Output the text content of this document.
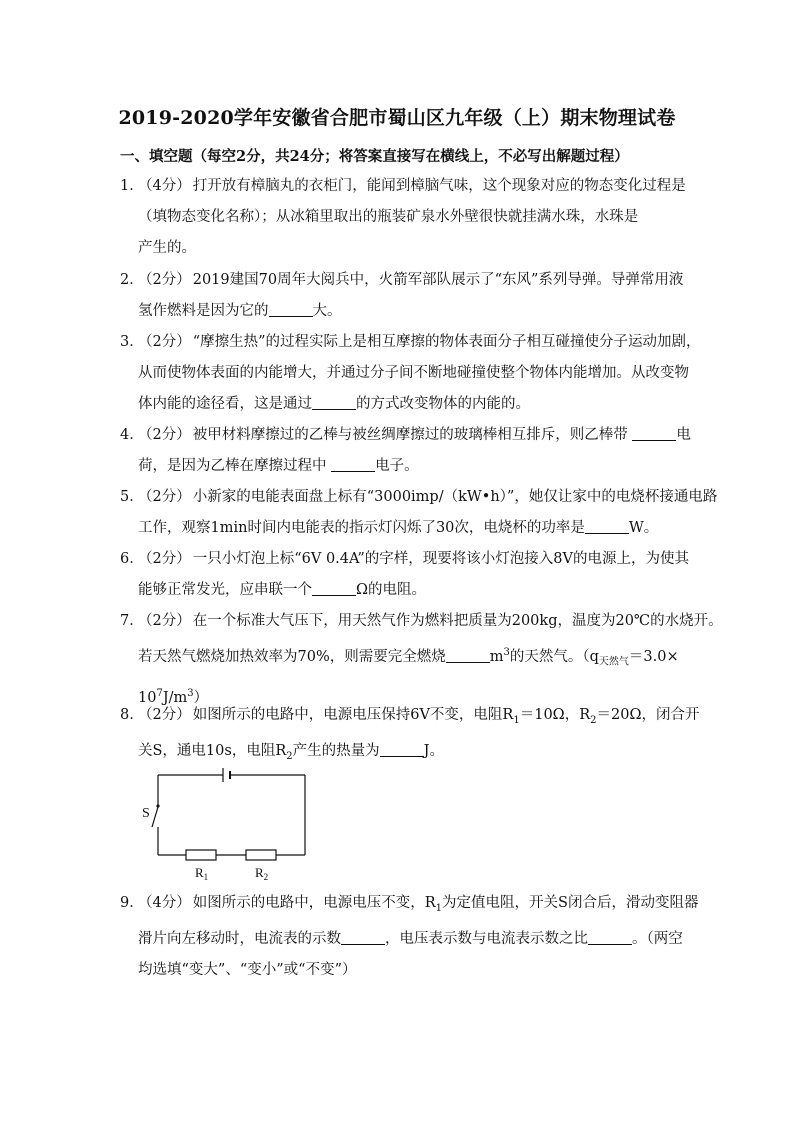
2019-2020学年安徽省合肥市蜀山区九年级（上）期末物理试卷
一、填空题（每空2分，共24分；将答案直接写在横线上，不必写出解题过程）
1．（4分） 打开放有樟脑丸的衣柜门，能闻到樟脑气味，这个现象对应的物态变化过程是
（填物态变化名称）；从冰箱里取出的瓶装矿泉水外壁很快就挂满水珠，水珠是
产生的。
2．（2分） 2019建国70周年大阅兵中，火箭军部队展示了“东风”系列导弹。导弹常用液
氢作燃料是因为它的	大。
3．（2分） “摩擦生热”的过程实际上是相互摩擦的物体表面分子相互碰撞使分子运动加剧，
从而使物体表面的内能增大，并通过分子间不断地碰撞使整个物体内能增加。从改变物
体内能的途径看，这是通过	的方式改变物体的内能的。
4．（2分） 被甲材料摩擦过的乙棒与被丝绸摩擦过的玻璃棒相互排斥，则乙棒带	电
荷，是因为乙棒在摩擦过程中	电子。
5．（2分） 小新家的电能表面盘上标有“3000imp/（kW•h）”，她仅让家中的电烧杯接通电路
工作，观察1min时间内电能表的指示灯闪烁了30次，电烧杯的功率是	W。
6．（2分） 一只小灯泡上标“6V 0.4A”的字样，现要将该小灯泡接入8V的电源上，为使其
能够正常发光，应串联一个	Ω的电阻。
7．（2分） 在一个标准大气压下，用天然气作为燃料把质量为200kg，温度为20℃的水烧开。
若天然气燃烧加热效率为70%，则需要完全燃烧	$m^3$的天然气。（$q_{天然气}=3.0\times$
$10^7J/m^3$）
8．（2分） 如图所示的电路中，电源电压保持6V不变，电阻$R_1=10\Omega$，$R_2=20\Omega$，闭合开
关S，通电10s，电阻$R_2$产生的热量为	J。
S
$R_1$	$R_2$
9．（4分） 如图所示的电路中，电源电压不变，$R_1$为定值电阻，开关S闭合后，滑动变阻器
滑片向左移动时，电流表的示数	，电压表示数与电流表示数之比	。（两空
均选填“变大”、“变小”或“不变”）
